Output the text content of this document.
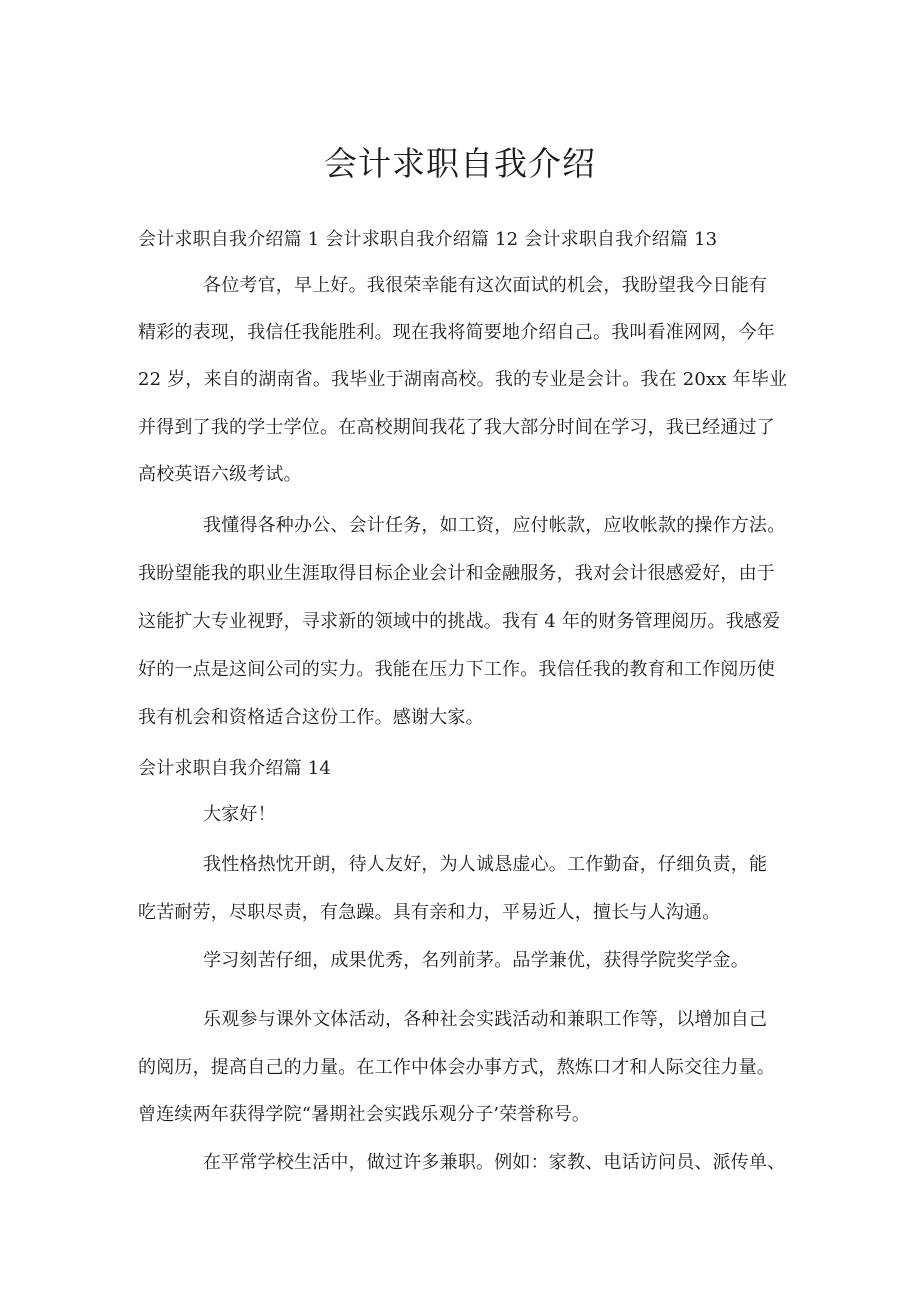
会计求职自我介绍
会计求职自我介绍篇 1 会计求职自我介绍篇 12 会计求职自我介绍篇 13
各位考官，早上好。我很荣幸能有这次面试的机会，我盼望我今日能有
精彩的表现，我信任我能胜利。现在我将简要地介绍自己。我叫看准网网，今年
22 岁，来自的湖南省。我毕业于湖南高校。我的专业是会计。我在 20xx 年毕业
并得到了我的学士学位。在高校期间我花了我大部分时间在学习，我已经通过了
高校英语六级考试。
我懂得各种办公、会计任务，如工资，应付帐款，应收帐款的操作方法。
我盼望能我的职业生涯取得目标企业会计和金融服务，我对会计很感爱好，由于
这能扩大专业视野，寻求新的领域中的挑战。我有 4 年的财务管理阅历。我感爱
好的一点是这间公司的实力。我能在压力下工作。我信任我的教育和工作阅历使
我有机会和资格适合这份工作。感谢大家。
会计求职自我介绍篇 14
大家好！
我性格热忱开朗，待人友好，为人诚恳虚心。工作勤奋，仔细负责，能
吃苦耐劳，尽职尽责，有急躁。具有亲和力，平易近人，擅长与人沟通。
学习刻苦仔细，成果优秀，名列前茅。品学兼优，获得学院奖学金。
乐观参与课外文体活动，各种社会实践活动和兼职工作等，以增加自己
的阅历，提高自己的力量。在工作中体会办事方式，熬炼口才和人际交往力量。
曾连续两年获得学院“暑期社会实践乐观分子’荣誉称号。
在平常学校生活中，做过许多兼职。例如：家教、电话访问员、派传单、
